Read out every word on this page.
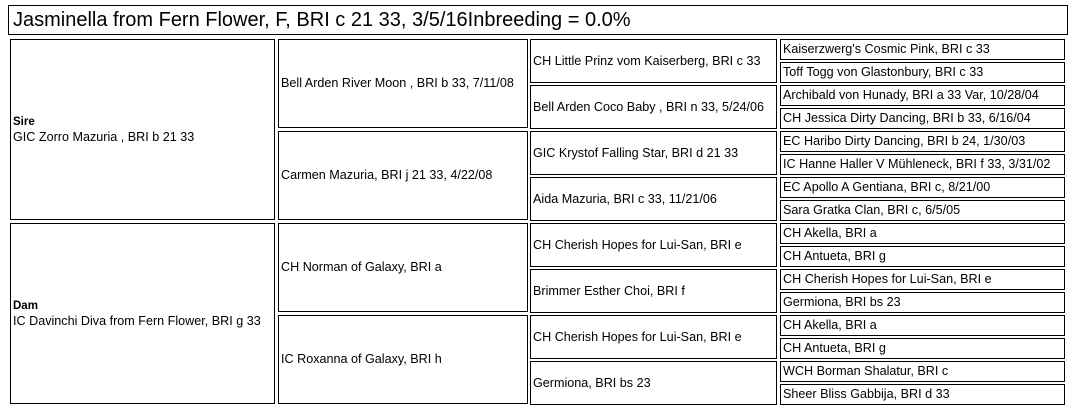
Jasminella from Fern Flower, F, BRI c 21 33, 3/5/16Inbreeding = 0.0%
Sire
GIC Zorro Mazuria , BRI b 21 33
Dam
IC Davinchi Diva from Fern Flower, BRI g 33
Bell Arden River Moon , BRI b 33, 7/11/08
Carmen Mazuria, BRI j 21 33, 4/22/08
CH Norman of Galaxy, BRI a
IC Roxanna of Galaxy, BRI h
CH Little Prinz vom Kaiserberg, BRI c 33
Bell Arden Coco Baby , BRI n 33, 5/24/06
GIC Krystof Falling Star, BRI d 21 33
Aida Mazuria, BRI c 33, 11/21/06
CH Cherish Hopes for Lui-San, BRI e
Brimmer Esther Choi, BRI f
CH Cherish Hopes for Lui-San, BRI e
Germiona, BRI bs 23
Kaiserzwerg's Cosmic Pink, BRI c 33
Toff Togg von Glastonbury, BRI c 33
Archibald von Hunady, BRI a 33 Var, 10/28/04
CH Jessica Dirty Dancing, BRI b 33, 6/16/04
EC Haribo Dirty Dancing, BRI b 24, 1/30/03
IC Hanne Haller V Mühleneck, BRI f 33, 3/31/02
EC Apollo A Gentiana, BRI c, 8/21/00
Sara Gratka Clan, BRI c, 6/5/05
CH Akella, BRI a
CH Antueta, BRI g
CH Cherish Hopes for Lui-San, BRI e
Germiona, BRI bs 23
CH Akella, BRI a
CH Antueta, BRI g
WCH Borman Shalatur, BRI c
Sheer Bliss Gabbija, BRI d 33
